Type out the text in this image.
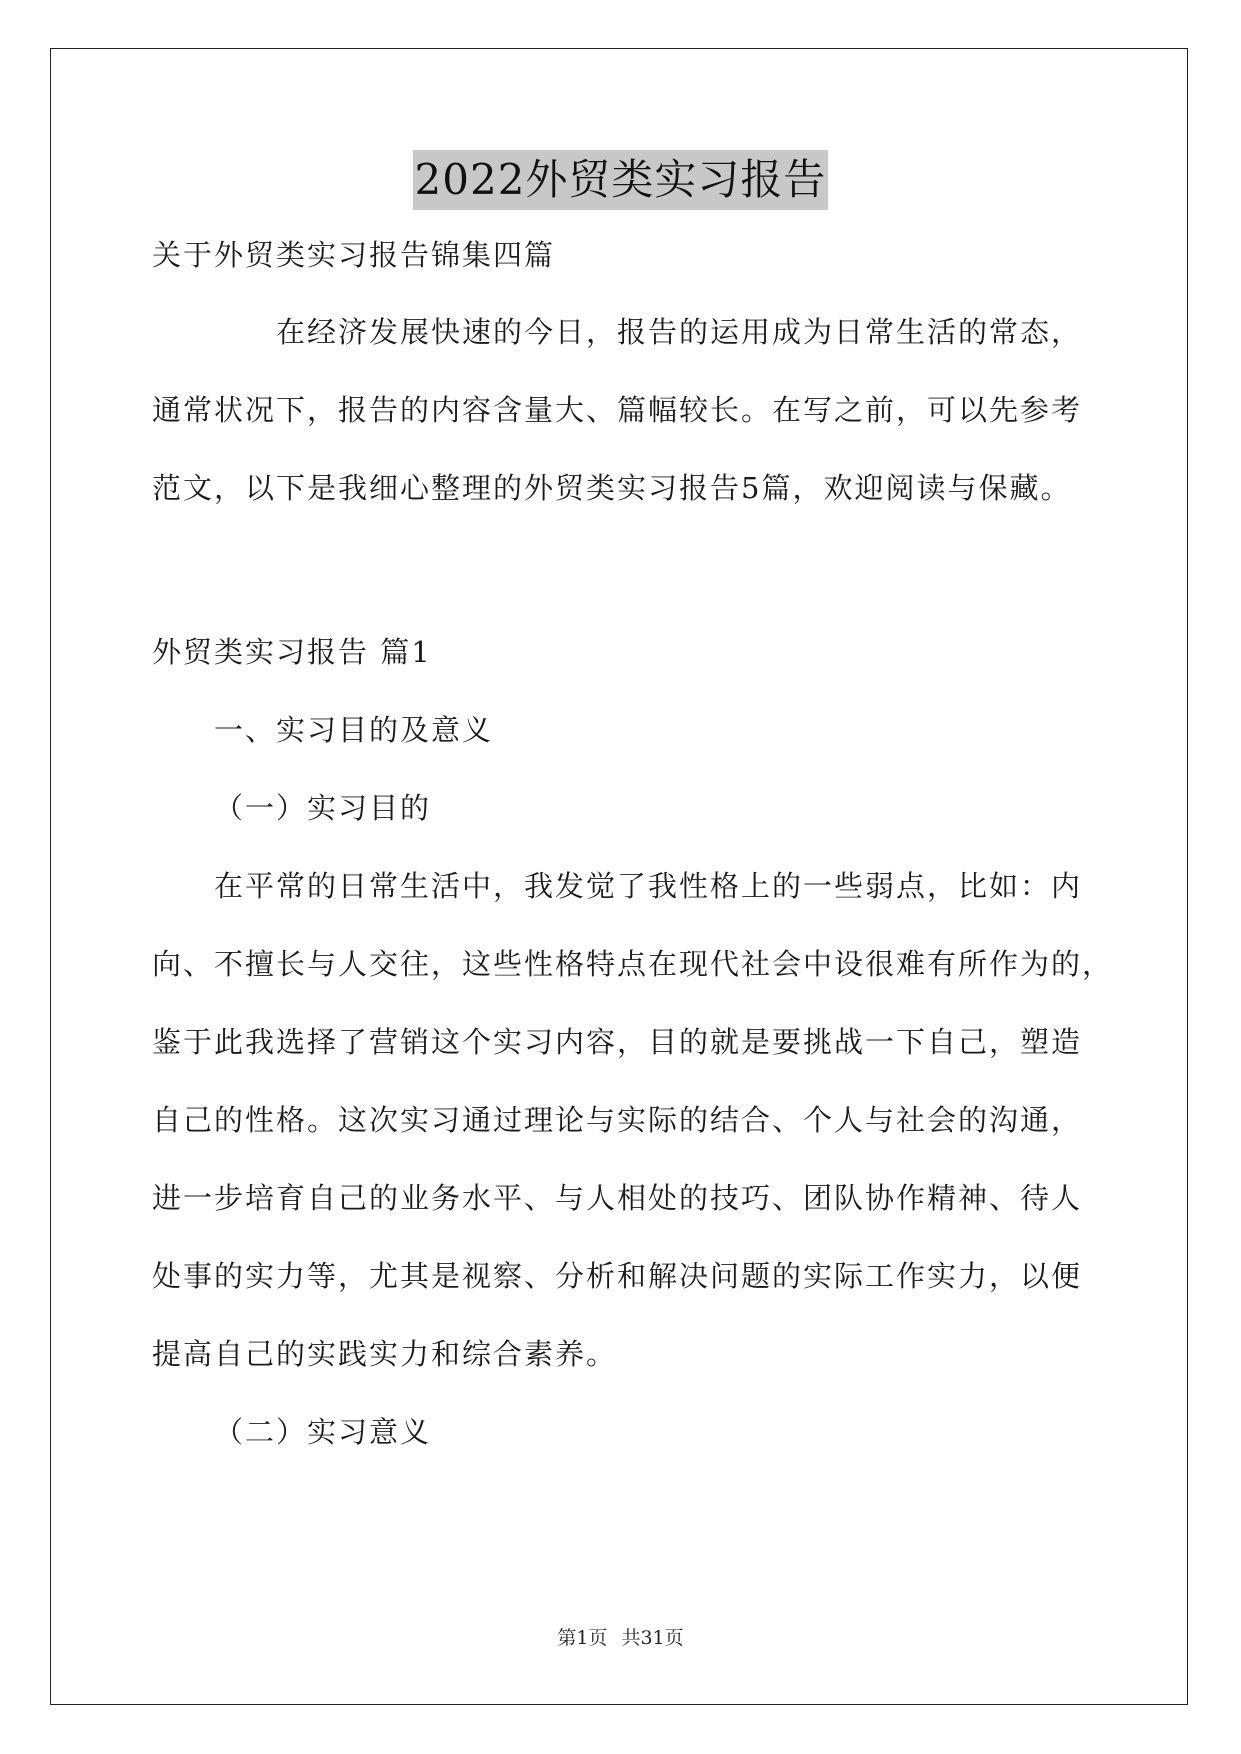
2022外贸类实习报告
关于外贸类实习报告锦集四篇
在经济发展快速的今日，报告的运用成为日常生活的常态，
通常状况下，报告的内容含量大、篇幅较长。在写之前，可以先参考
范文，以下是我细心整理的外贸类实习报告5篇，欢迎阅读与保藏。
外贸类实习报告 篇1
一、实习目的及意义
（一）实习目的
在平常的日常生活中，我发觉了我性格上的一些弱点，比如：内
向、不擅长与人交往，这些性格特点在现代社会中设很难有所作为的，
鉴于此我选择了营销这个实习内容，目的就是要挑战一下自己，塑造
自己的性格。这次实习通过理论与实际的结合、个人与社会的沟通，
进一步培育自己的业务水平、与人相处的技巧、团队协作精神、待人
处事的实力等，尤其是视察、分析和解决问题的实际工作实力，以便
提高自己的实践实力和综合素养。
（二）实习意义
第1页 共31页
